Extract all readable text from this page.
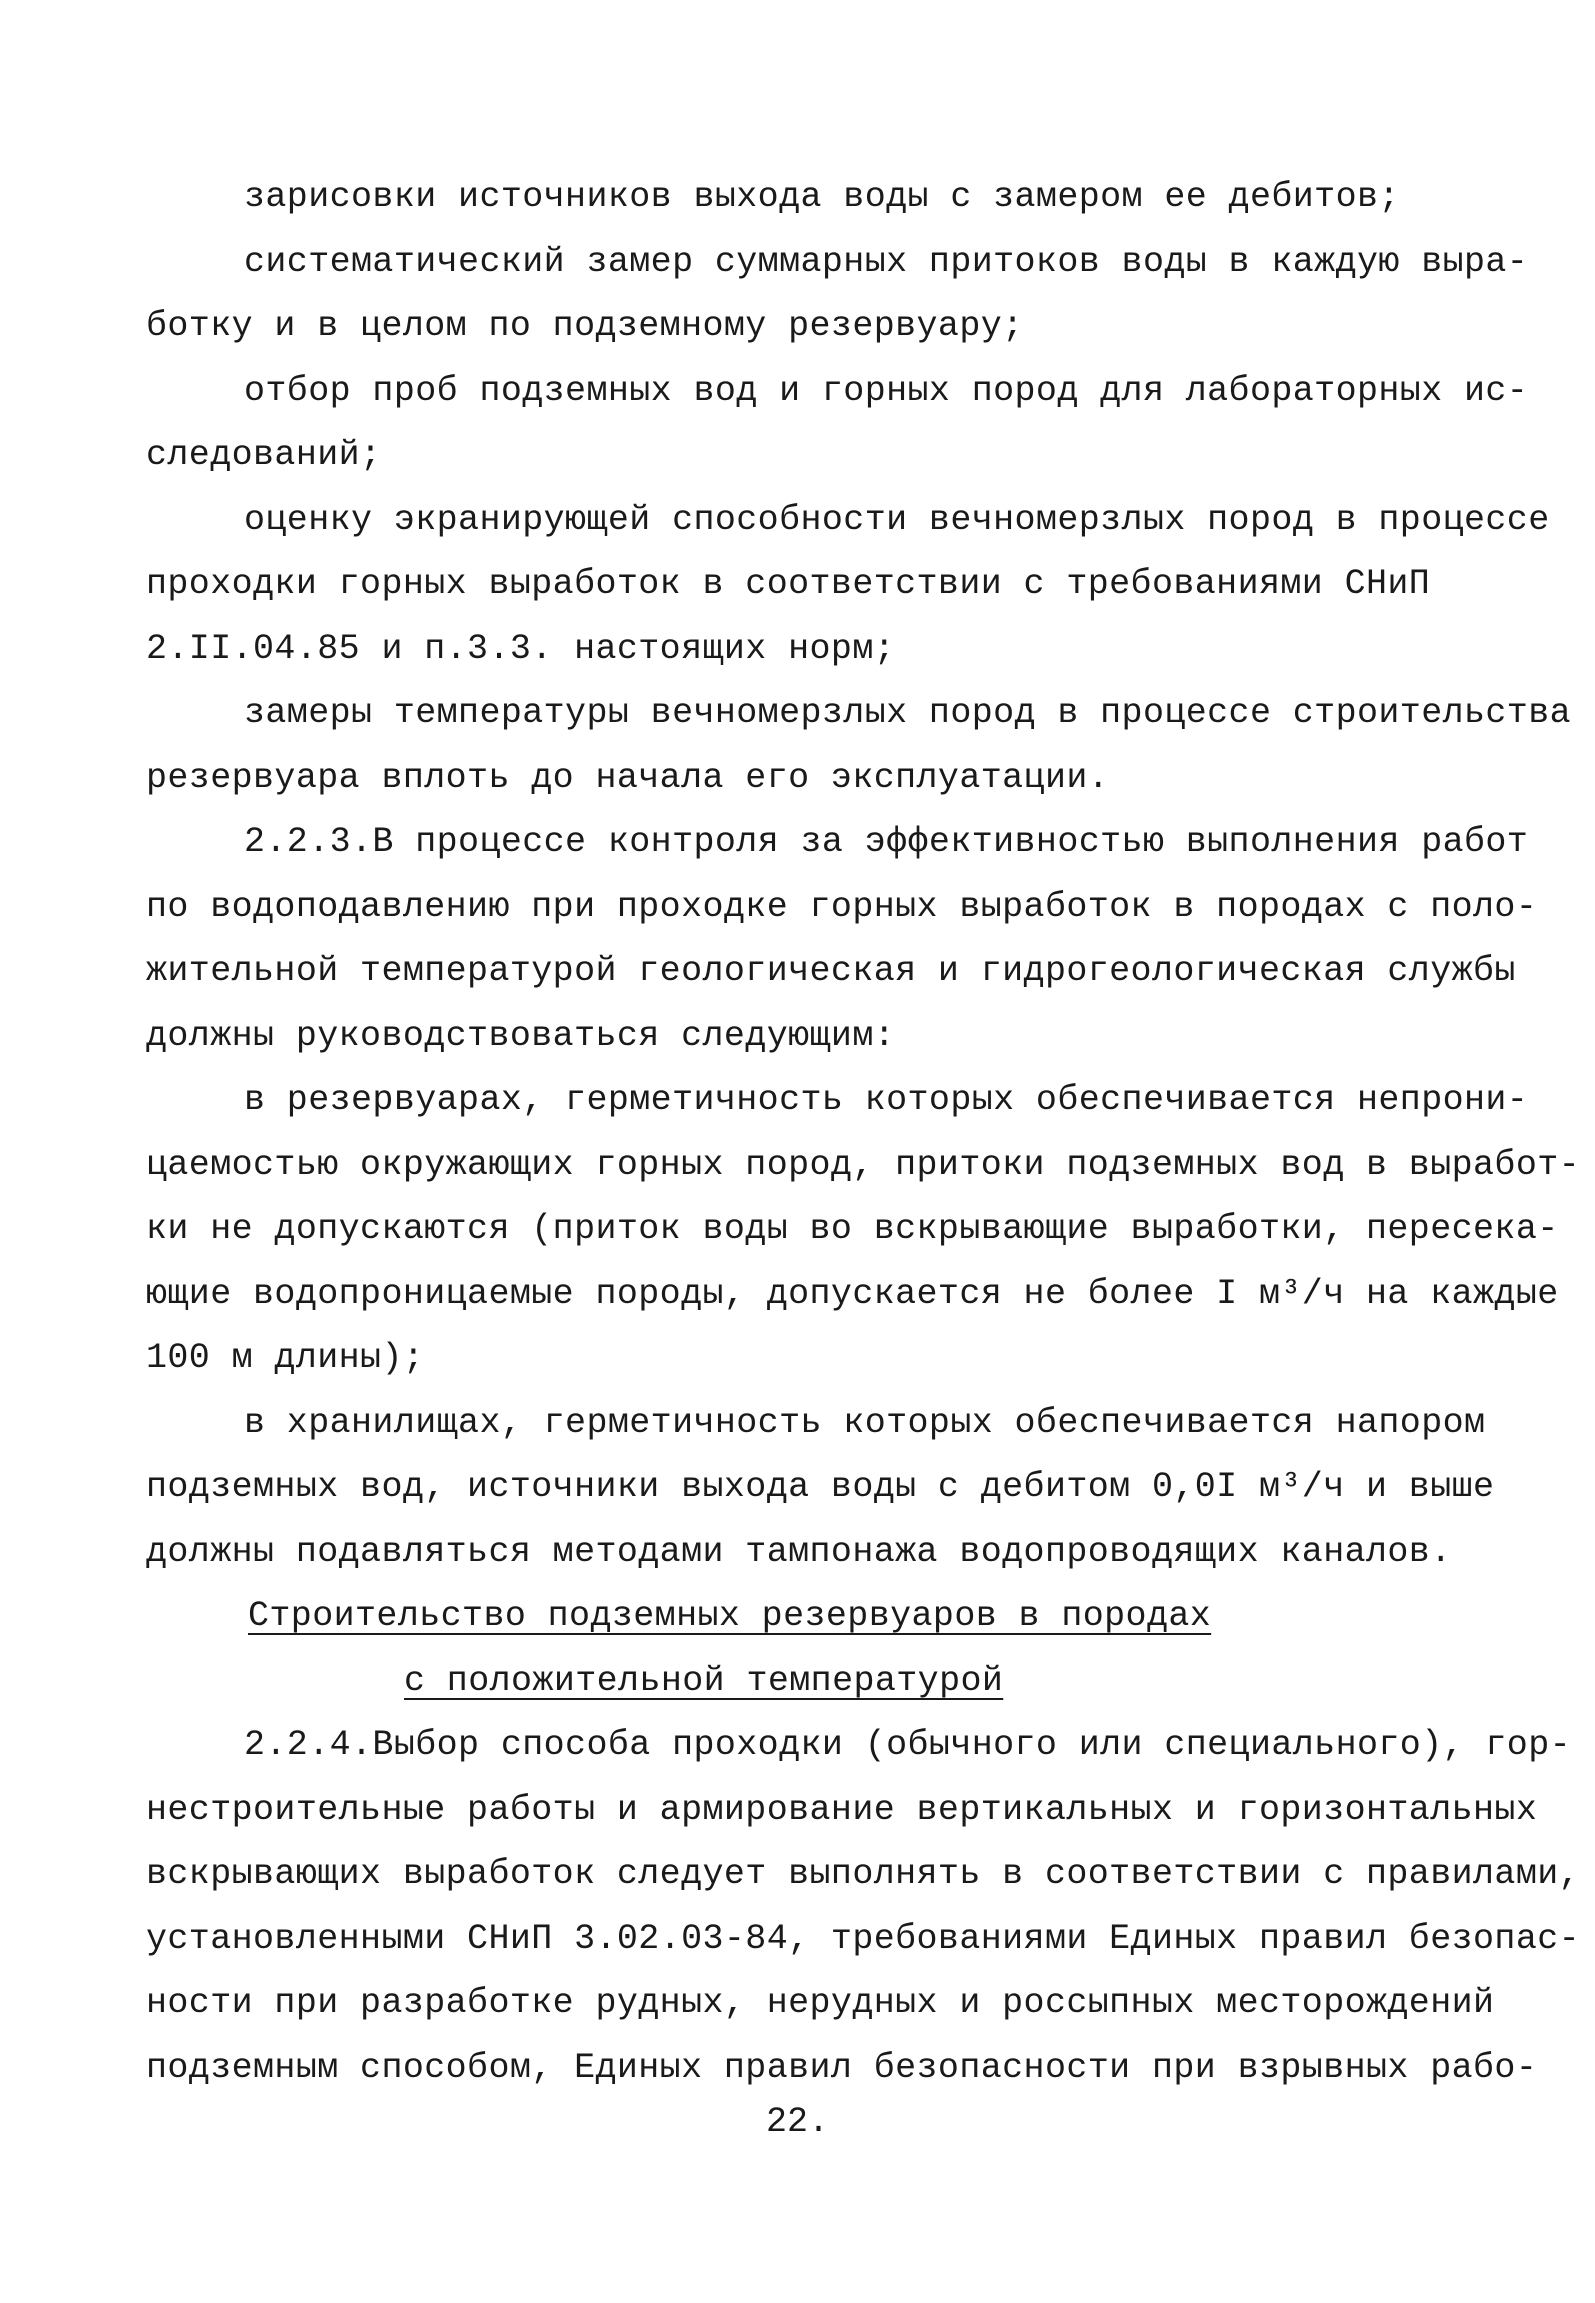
зарисовки источников выхода воды с замером ее дебитов;
систематический замер суммарных притоков воды в каждую выра-
ботку и в целом по подземному резервуару;
отбор проб подземных вод и горных пород для лабораторных ис-
следований;
оценку экранирующей способности вечномерзлых пород в процессе
проходки горных выработок в соответствии с требованиями СНиП
2.II.04.85 и п.3.3. настоящих норм;
замеры температуры вечномерзлых пород в процессе строительства
резервуара вплоть до начала его эксплуатации.
2.2.3.В процессе контроля за эффективностью выполнения работ
по водоподавлению при проходке горных выработок в породах с поло-
жительной температурой геологическая и гидрогеологическая службы
должны руководствоваться следующим:
в резервуарах, герметичность которых обеспечивается непрони-
цаемостью окружающих горных пород, притоки подземных вод в выработ-
ки не допускаются (приток воды во вскрывающие выработки, пересека-
ющие водопроницаемые породы, допускается не более I м³/ч на каждые
100 м длины);
в хранилищах, герметичность которых обеспечивается напором
подземных вод, источники выхода воды с дебитом 0,0I м³/ч и выше
должны подавляться методами тампонажа водопроводящих каналов.
Строительство подземных резервуаров в породах
с положительной температурой
2.2.4.Выбор способа проходки (обычного или специального), гор-
нестроительные работы и армирование вертикальных и горизонтальных
вскрывающих выработок следует выполнять в соответствии с правилами,
установленными СНиП 3.02.03-84, требованиями Единых правил безопас-
ности при разработке рудных, нерудных и россыпных месторождений
подземным способом, Единых правил безопасности при взрывных рабо-
22.
